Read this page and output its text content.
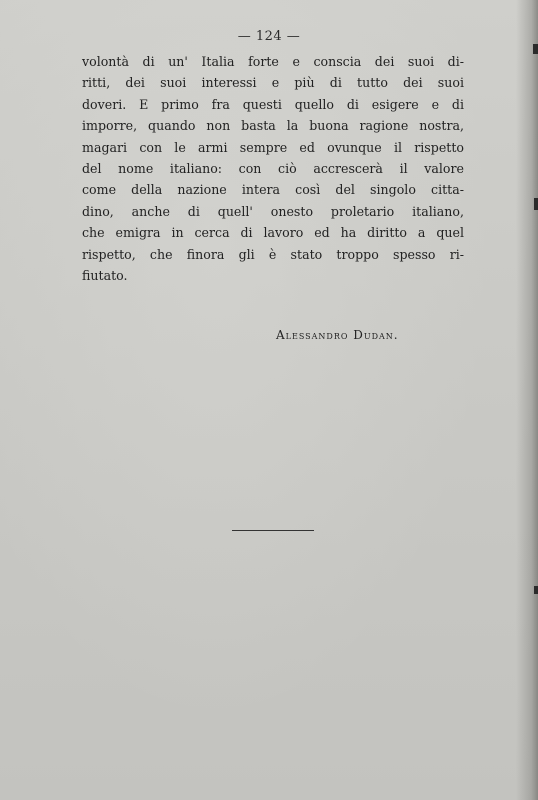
— 124 —
volontà di un' Italia forte e conscia dei suoi di-
ritti, dei suoi interessi e più di tutto dei suoi
doveri. E primo fra questi quello di esigere e di
imporre, quando non basta la buona ragione nostra,
magari con le armi sempre ed ovunque il rispetto
del nome italiano: con ciò accrescerà il valore
come della nazione intera così del singolo citta-
dino, anche di quell' onesto proletario italiano,
che emigra in cerca di lavoro ed ha diritto a quel
rispetto, che finora gli è stato troppo spesso ri-
fiutato.
Alessandro Dudan.
